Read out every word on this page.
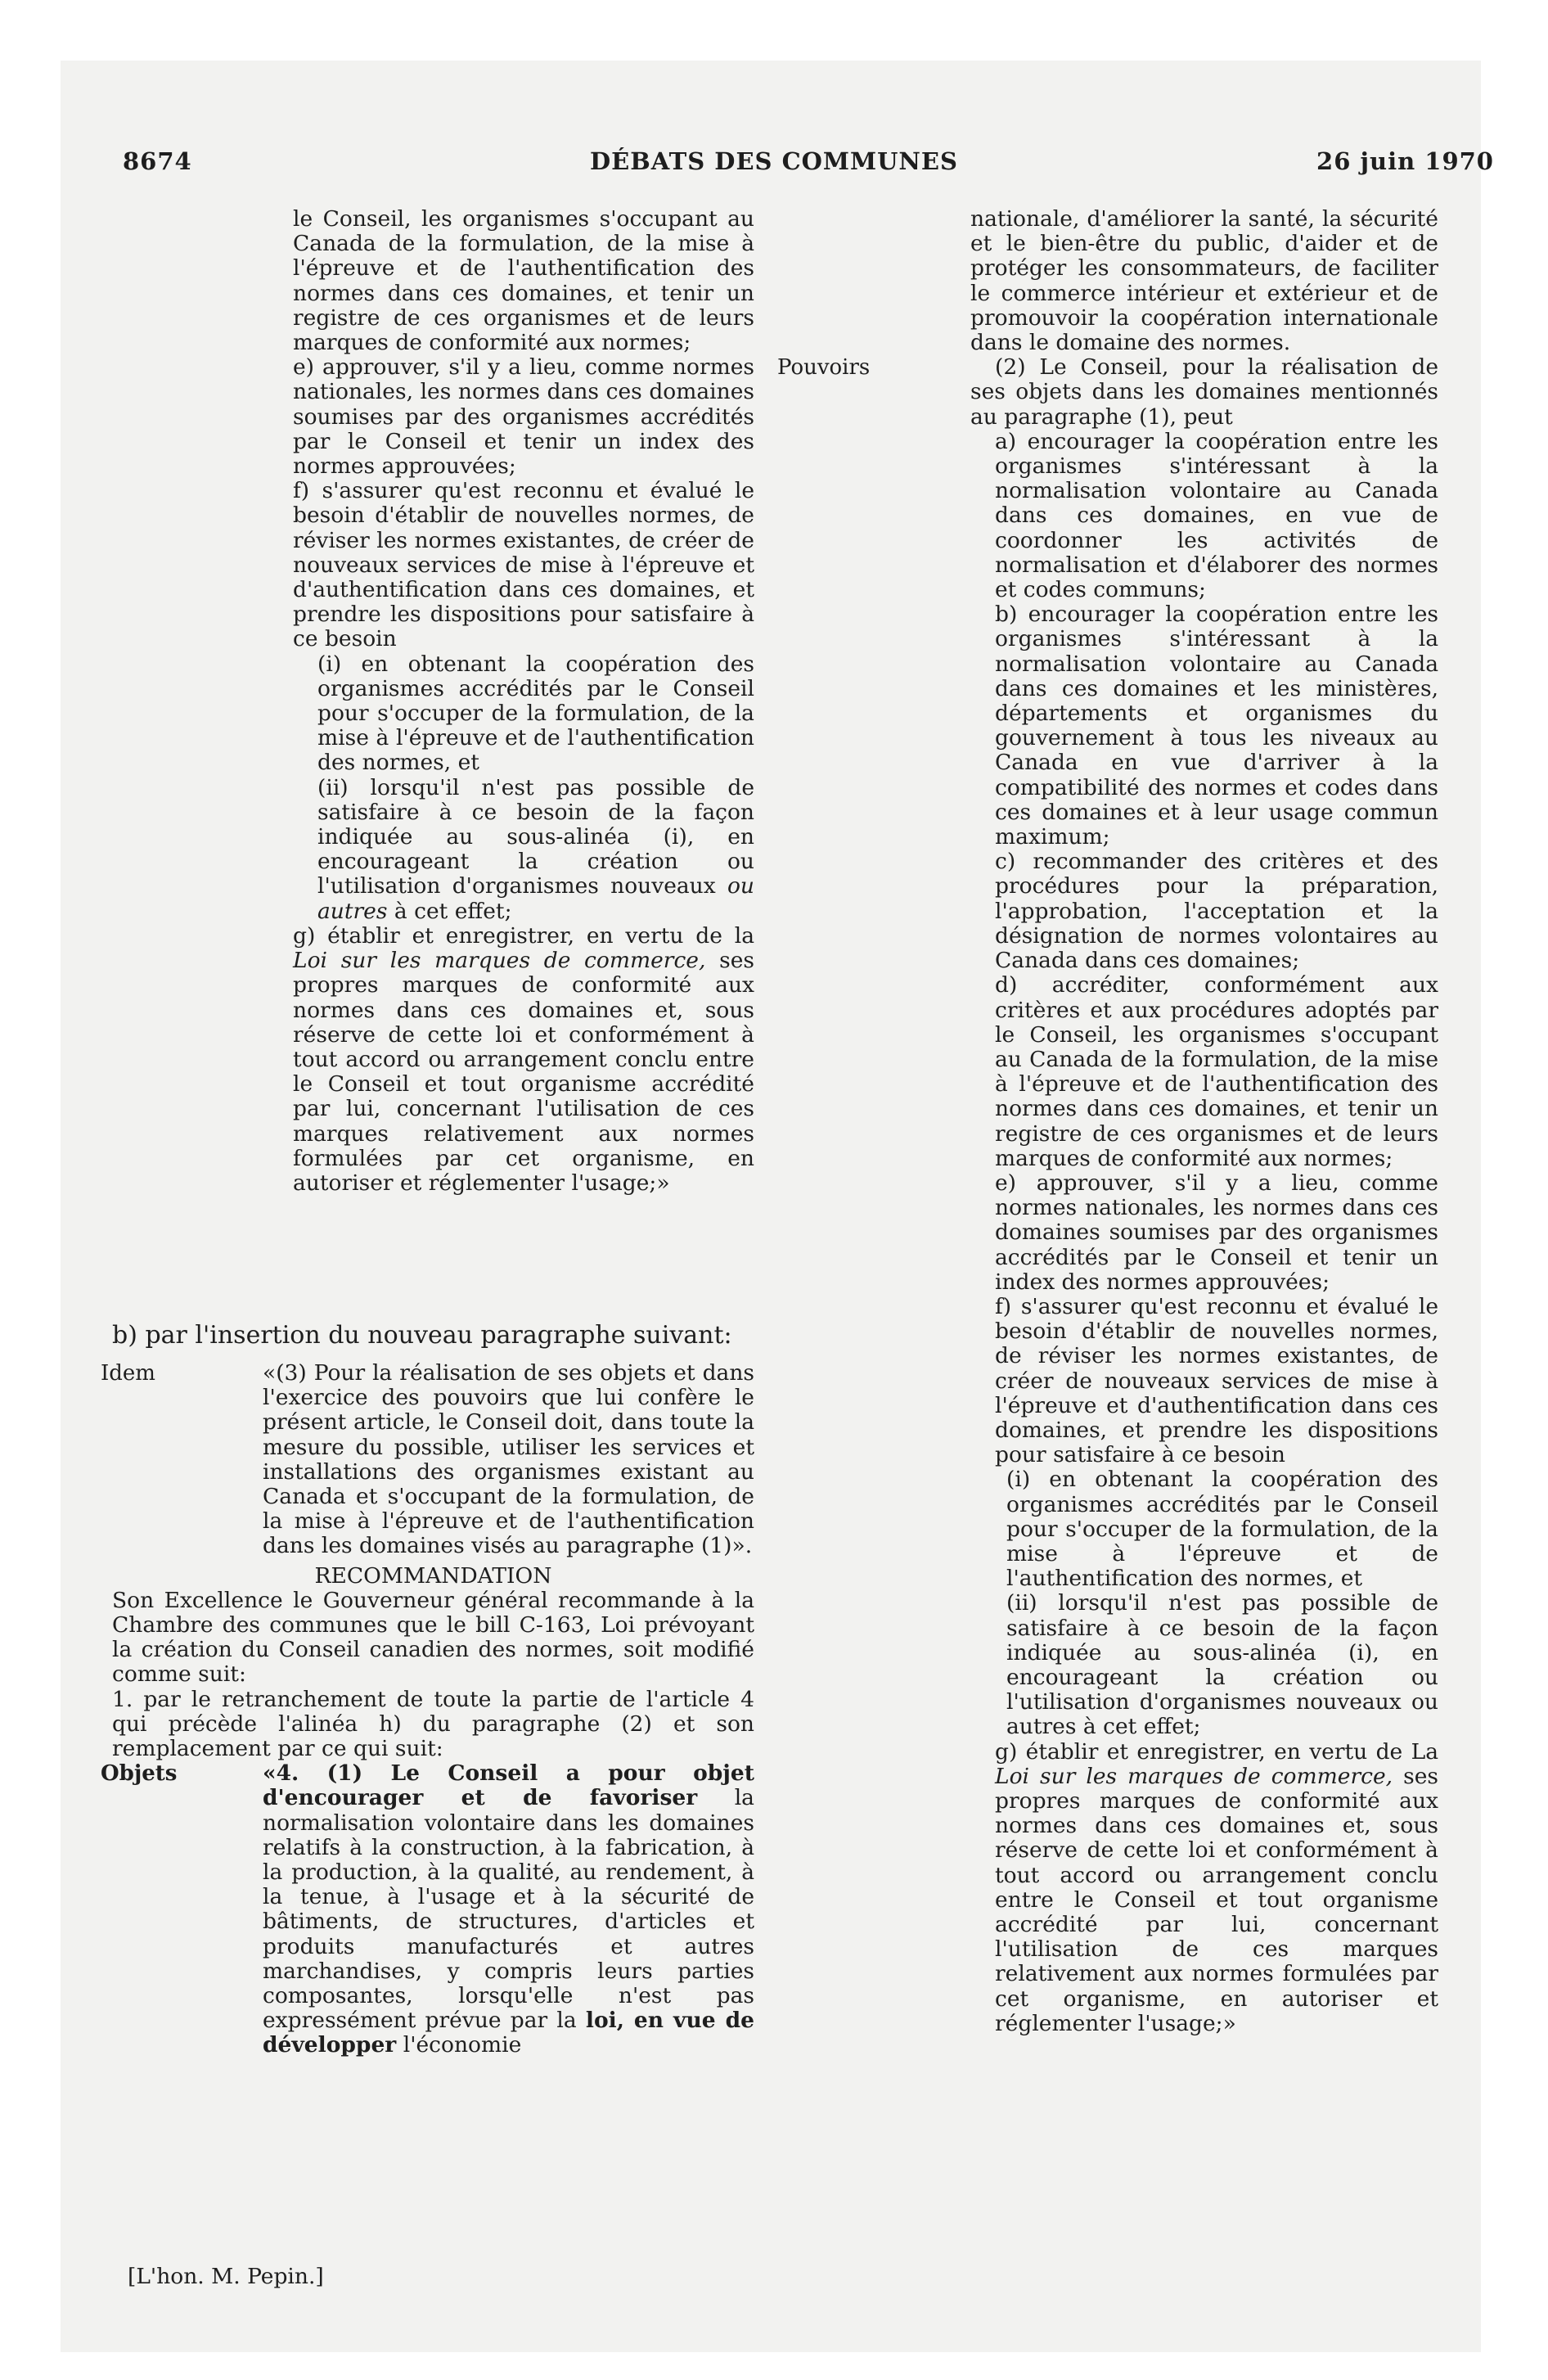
8674	DÉBATS DES COMMUNES	26 juin 1970

le Conseil, les organismes s'occupant au Canada de la formulation, de la mise à l'épreuve et de l'authentification des normes dans ces domaines, et tenir un registre de ces organismes et de leurs marques de conformité aux normes;

e) approuver, s'il y a lieu, comme normes nationales, les normes dans ces domaines soumises par des organismes accrédités par le Conseil et tenir un index des normes approuvées;

f) s'assurer qu'est reconnu et évalué le besoin d'établir de nouvelles normes, de réviser les normes existantes, de créer de nouveaux services de mise à l'épreuve et d'authentification dans ces domaines, et prendre les dispositions pour satisfaire à ce besoin

(i) en obtenant la coopération des organismes accrédités par le Conseil pour s'occuper de la formulation, de la mise à l'épreuve et de l'authentification des normes, et

(ii) lorsqu'il n'est pas possible de satisfaire à ce besoin de la façon indiquée au sous-alinéa (i), en encourageant la création ou l'utilisation d'organismes nouveaux ou autres à cet effet;

g) établir et enregistrer, en vertu de la Loi sur les marques de commerce, ses propres marques de conformité aux normes dans ces domaines et, sous réserve de cette loi et conformément à tout accord ou arrangement conclu entre le Conseil et tout organisme accrédité par lui, concernant l'utilisation de ces marques relativement aux normes formulées par cet organisme, en autoriser et réglementer l'usage;»

b) par l'insertion du nouveau paragraphe suivant:

Idem	«(3) Pour la réalisation de ses objets et dans l'exercice des pouvoirs que lui confère le présent article, le Conseil doit, dans toute la mesure du possible, utiliser les services et installations des organismes existant au Canada et s'occupant de la formulation, de la mise à l'épreuve et de l'authentification dans les domaines visés au paragraphe (1)».

RECOMMANDATION

Son Excellence le Gouverneur général recommande à la Chambre des communes que le bill C-163, Loi prévoyant la création du Conseil canadien des normes, soit modifié comme suit:

1. par le retranchement de toute la partie de l'article 4 qui précède l'alinéa h) du paragraphe (2) et son remplacement par ce qui suit:

Objets	«4. (1) Le Conseil a pour objet d'encourager et de favoriser la normalisation volontaire dans les domaines relatifs à la construction, à la fabrication, à la production, à la qualité, au rendement, à la tenue, à l'usage et à la sécurité de bâtiments, de structures, d'articles et produits manufacturés et autres marchandises, y compris leurs parties composantes, lorsqu'elle n'est pas expressément prévue par la loi, en vue de développer l'économie

[L'hon. M. Pepin.]

nationale, d'améliorer la santé, la sécurité et le bien-être du public, d'aider et de protéger les consommateurs, de faciliter le commerce intérieur et extérieur et de promouvoir la coopération internationale dans le domaine des normes.

Pouvoirs	(2) Le Conseil, pour la réalisation de ses objets dans les domaines mentionnés au paragraphe (1), peut

a) encourager la coopération entre les organismes s'intéressant à la normalisation volontaire au Canada dans ces domaines, en vue de coordonner les activités de normalisation et d'élaborer des normes et codes communs;

b) encourager la coopération entre les organismes s'intéressant à la normalisation volontaire au Canada dans ces domaines et les ministères, départements et organismes du gouvernement à tous les niveaux au Canada en vue d'arriver à la compatibilité des normes et codes dans ces domaines et à leur usage commun maximum;

c) recommander des critères et des procédures pour la préparation, l'approbation, l'acceptation et la désignation de normes volontaires au Canada dans ces domaines;

d) accréditer, conformément aux critères et aux procédures adoptés par le Conseil, les organismes s'occupant au Canada de la formulation, de la mise à l'épreuve et de l'authentification des normes dans ces domaines, et tenir un registre de ces organismes et de leurs marques de conformité aux normes;

e) approuver, s'il y a lieu, comme normes nationales, les normes dans ces domaines soumises par des organismes accrédités par le Conseil et tenir un index des normes approuvées;

f) s'assurer qu'est reconnu et évalué le besoin d'établir de nouvelles normes, de réviser les normes existantes, de créer de nouveaux services de mise à l'épreuve et d'authentification dans ces domaines, et prendre les dispositions pour satisfaire à ce besoin

(i) en obtenant la coopération des organismes accrédités par le Conseil pour s'occuper de la formulation, de la mise à l'épreuve et de l'authentification des normes, et

(ii) lorsqu'il n'est pas possible de satisfaire à ce besoin de la façon indiquée au sous-alinéa (i), en encourageant la création ou l'utilisation d'organismes nouveaux ou autres à cet effet;

g) établir et enregistrer, en vertu de La Loi sur les marques de commerce, ses propres marques de conformité aux normes dans ces domaines et, sous réserve de cette loi et conformément à tout accord ou arrangement conclu entre le Conseil et tout organisme accrédité par lui, concernant l'utilisation de ces marques relativement aux normes formulées par cet organisme, en autoriser et réglementer l'usage;»
